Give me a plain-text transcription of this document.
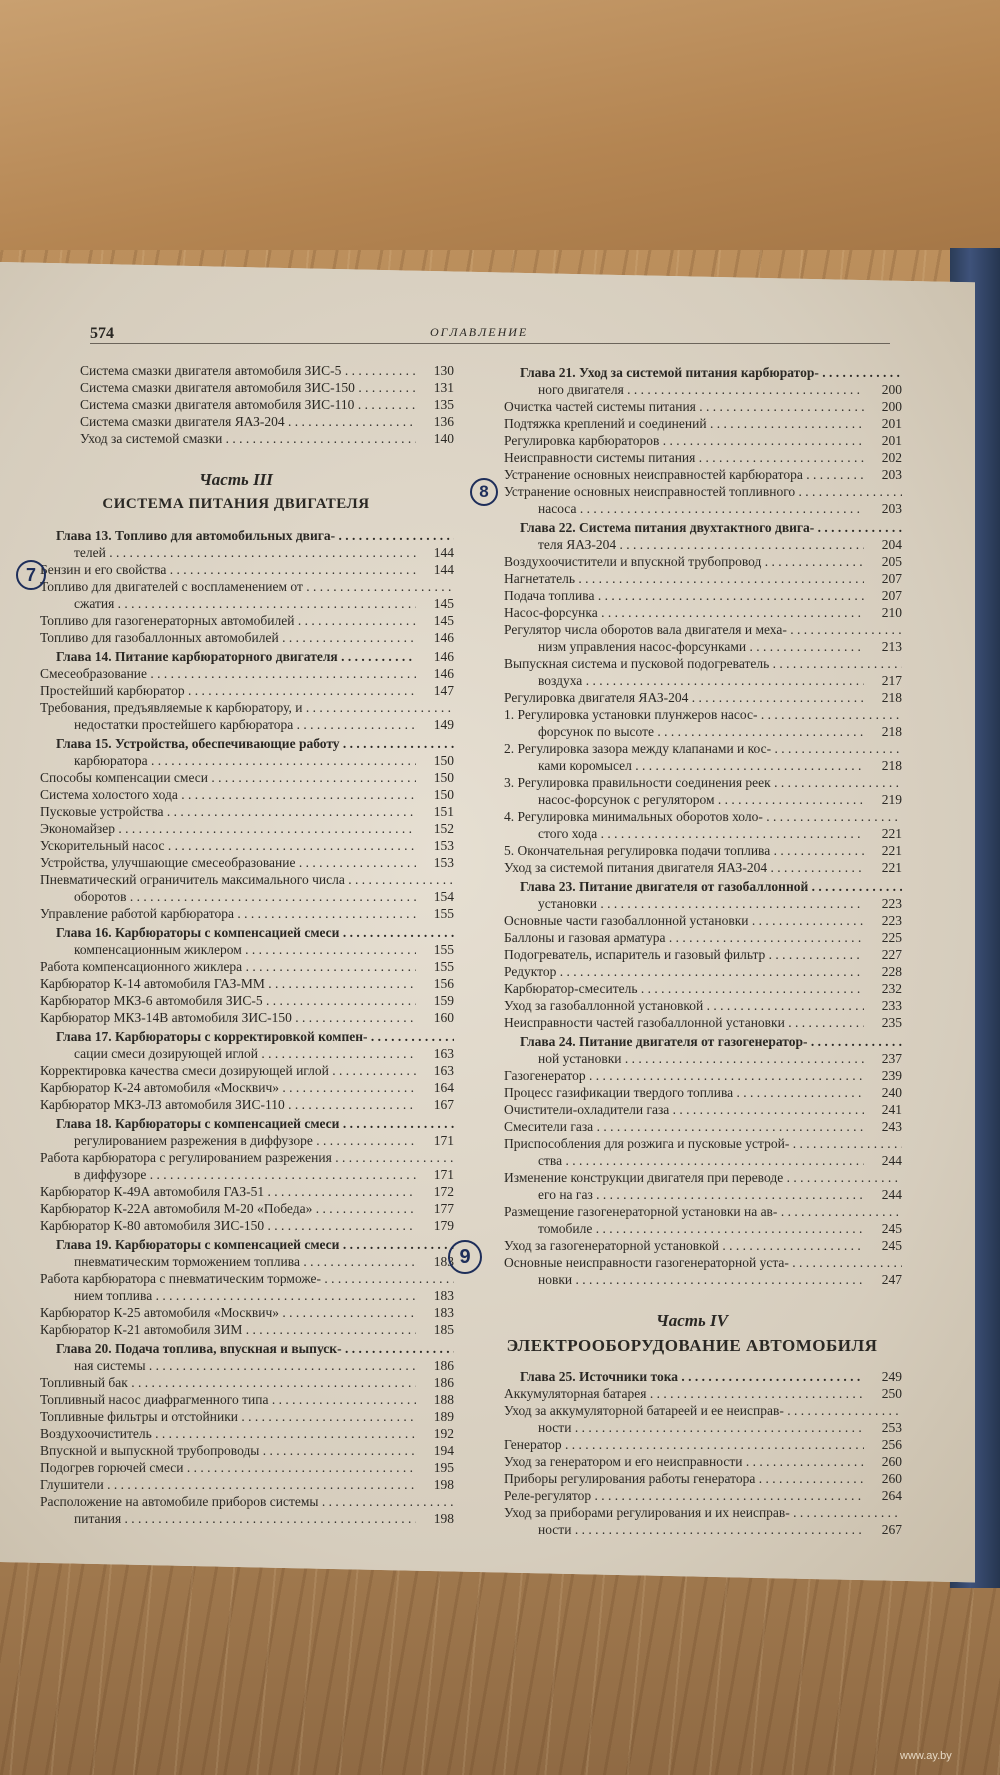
574	ОГЛАВЛЕНИЕ
Система смазки двигателя автомобиля ЗИС-5 . . .	130
Система смазки двигателя автомобиля ЗИС-150 . . .	131
Система смазки двигателя автомобиля ЗИС-110 . . .	135
Система смазки двигателя ЯАЗ-204 . . .	136
Уход за системой смазки . . .	140
Часть III
СИСТЕМА ПИТАНИЯ ДВИГАТЕЛЯ
Глава 13. Топливо для автомобильных двига- . . .
телей . . .	144
Бензин и его свойства . . .	144
Топливо для двигателей с воспламенением от . . .
сжатия . . .	145
Топливо для газогенераторных автомобилей . . .	145
Топливо для газобаллонных автомобилей . . .	146
Глава 14. Питание карбюраторного двигателя . . .	146
Смесеобразование . . .	146
Простейший карбюратор . . .	147
Требования, предъявляемые к карбюратору, и . . .
недостатки простейшего карбюратора . . .	149
Глава 15. Устройства, обеспечивающие работу . . .
карбюратора . . .	150
Способы компенсации смеси . . .	150
Система холостого хода . . .	150
Пусковые устройства . . .	151
Экономайзер . . .	152
Ускорительный насос . . .	153
Устройства, улучшающие смесеобразование . . .	153
Пневматический ограничитель максимального числа . . .
оборотов . . .	154
Управление работой карбюратора . . .	155
Глава 16. Карбюраторы с компенсацией смеси . . .
компенсационным жиклером . . .	155
Работа компенсационного жиклера . . .	155
Карбюратор К-14 автомобиля ГАЗ-ММ . . .	156
Карбюратор МКЗ-6 автомобиля ЗИС-5 . . .	159
Карбюратор МКЗ-14В автомобиля ЗИС-150 . . .	160
Глава 17. Карбюраторы с корректировкой компен- . . .
сации смеси дозирующей иглой . . .	163
Корректировка качества смеси дозирующей иглой . . .	163
Карбюратор К-24 автомобиля «Москвич» . . .	164
Карбюратор МКЗ-ЛЗ автомобиля ЗИС-110 . . .	167
Глава 18. Карбюраторы с компенсацией смеси . . .
регулированием разрежения в диффузоре . . .	171
Работа карбюратора с регулированием разрежения . . .
в диффузоре . . .	171
Карбюратор К-49А автомобиля ГАЗ-51 . . .	172
Карбюратор К-22А автомобиля М-20 «Победа» . . .	177
Карбюратор К-80 автомобиля ЗИС-150 . . .	179
Глава 19. Карбюраторы с компенсацией смеси . . .
пневматическим торможением топлива . . .	183
Работа карбюратора с пневматическим торможе- . . .
нием топлива . . .	183
Карбюратор К-25 автомобиля «Москвич» . . .	183
Карбюратор К-21 автомобиля ЗИМ . . .	185
Глава 20. Подача топлива, впускная и выпуск- . . .
ная системы . . .	186
Топливный бак . . .	186
Топливный насос диафрагменного типа . . .	188
Топливные фильтры и отстойники . . .	189
Воздухоочиститель . . .	192
Впускной и выпускной трубопроводы . . .	194
Подогрев горючей смеси . . .	195
Глушители . . .	198
Расположение на автомобиле приборов системы . . .
питания . . .	198
Глава 21. Уход за системой питания карбюратор- . . .
ного двигателя . . .	200
Очистка частей системы питания . . .	200
Подтяжка креплений и соединений . . .	201
Регулировка карбюраторов . . .	201
Неисправности системы питания . . .	202
Устранение основных неисправностей карбюратора . . .	203
Устранение основных неисправностей топливного . . .
насоса . . .	203
Глава 22. Система питания двухтактного двига- . . .
теля ЯАЗ-204 . . .	204
Воздухоочистители и впускной трубопровод . . .	205
Нагнетатель . . .	207
Подача топлива . . .	207
Насос-форсунка . . .	210
Регулятор числа оборотов вала двигателя и меха- . . .
низм управления насос-форсунками . . .	213
Выпускная система и пусковой подогреватель . . .
воздуха . . .	217
Регулировка двигателя ЯАЗ-204 . . .	218
1. Регулировка установки плунжеров насос- . . .
форсунок по высоте . . .	218
2. Регулировка зазора между клапанами и кос- . . .
ками коромысел . . .	218
3. Регулировка правильности соединения реек . . .
насос-форсунок с регулятором . . .	219
4. Регулировка минимальных оборотов холо- . . .
стого хода . . .	221
5. Окончательная регулировка подачи топлива . . .	221
Уход за системой питания двигателя ЯАЗ-204 . . .	221
Глава 23. Питание двигателя от газобаллонной . . .
установки . . .	223
Основные части газобаллонной установки . . .	223
Баллоны и газовая арматура . . .	225
Подогреватель, испаритель и газовый фильтр . . .	227
Редуктор . . .	228
Карбюратор-смеситель . . .	232
Уход за газобаллонной установкой . . .	233
Неисправности частей газобаллонной установки . . .	235
Глава 24. Питание двигателя от газогенератор- . . .
ной установки . . .	237
Газогенератор . . .	239
Процесс газификации твердого топлива . . .	240
Очистители-охладители газа . . .	241
Смесители газа . . .	243
Приспособления для розжига и пусковые устрой- . . .
ства . . .	244
Изменение конструкции двигателя при переводе . . .
его на газ . . .	244
Размещение газогенераторной установки на ав- . . .
томобиле . . .	245
Уход за газогенераторной установкой . . .	245
Основные неисправности газогенераторной уста- . . .
новки . . .	247
Часть IV
ЭЛЕКТРООБОРУДОВАНИЕ АВТОМОБИЛЯ
Глава 25. Источники тока . . .	249
Аккумуляторная батарея . . .	250
Уход за аккумуляторной батареей и ее неисправ- . . .
ности . . .	253
Генератор . . .	256
Уход за генератором и его неисправности . . .	260
Приборы регулирования работы генератора . . .	260
Реле-регулятор . . .	264
Уход за приборами регулирования и их неисправ- . . .
ности . . .	267
7
8
9
www.ay.by
